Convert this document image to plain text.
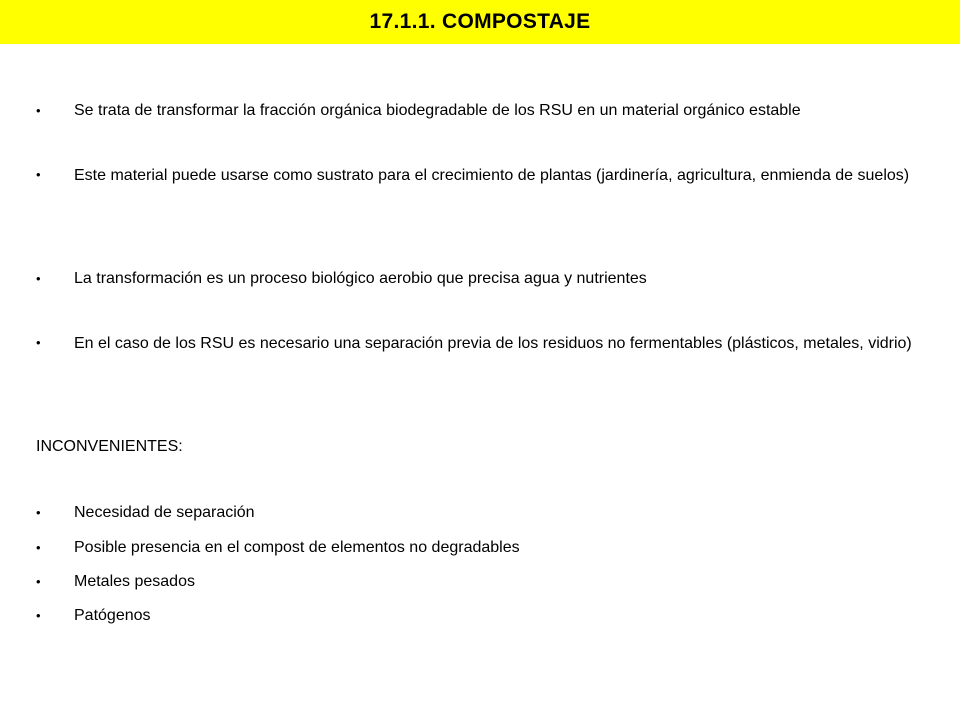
17.1.1. COMPOSTAJE
•	Se trata de transformar la fracción orgánica biodegradable de los RSU en un material orgánico estable
•	Este material puede usarse como sustrato para el crecimiento de plantas (jardinería, agricultura, enmienda de suelos)
•	La transformación es un proceso biológico aerobio que precisa agua y nutrientes
•	En el caso de los RSU es necesario una separación previa de los residuos no fermentables (plásticos, metales, vidrio)
INCONVENIENTES:
•	Necesidad de separación
•	Posible presencia en el compost de elementos no degradables
•	Metales pesados
•	Patógenos
